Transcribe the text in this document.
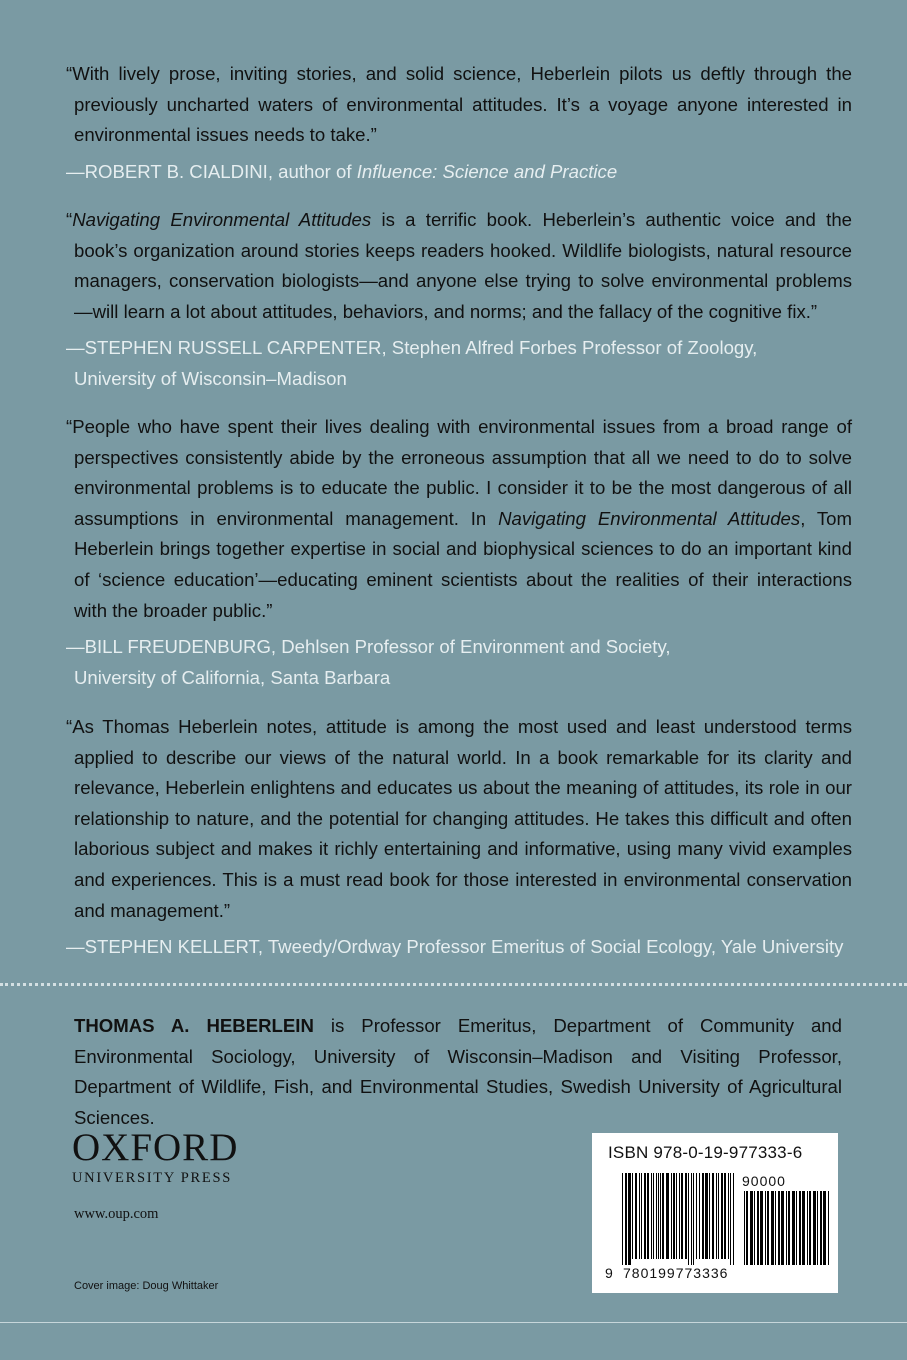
“With lively prose, inviting stories, and solid science, Heberlein pilots us deftly through the previously uncharted waters of environmental attitudes. It’s a voyage anyone interested in environmental issues needs to take.”
—ROBERT B. CIALDINI, author of Influence: Science and Practice
“Navigating Environmental Attitudes is a terrific book. Heberlein’s authentic voice and the book’s organization around stories keeps readers hooked. Wildlife biologists, natural resource managers, conservation biologists—and anyone else trying to solve environmental problems—will learn a lot about attitudes, behaviors, and norms; and the fallacy of the cognitive fix.”
—STEPHEN RUSSELL CARPENTER, Stephen Alfred Forbes Professor of Zoology,
University of Wisconsin–Madison
“People who have spent their lives dealing with environmental issues from a broad range of perspectives consistently abide by the erroneous assumption that all we need to do to solve environmental problems is to educate the public. I consider it to be the most dangerous of all assumptions in environmental management. In Navigating Environmental Attitudes, Tom Heberlein brings together expertise in social and biophysical sciences to do an important kind of ‘science education’—educating eminent scientists about the realities of their interactions with the broader public.”
—BILL FREUDENBURG, Dehlsen Professor of Environment and Society,
University of California, Santa Barbara
“As Thomas Heberlein notes, attitude is among the most used and least understood terms applied to describe our views of the natural world. In a book remarkable for its clarity and relevance, Heberlein enlightens and educates us about the meaning of attitudes, its role in our relationship to nature, and the potential for changing attitudes. He takes this difficult and often laborious subject and makes it richly entertaining and informative, using many vivid examples and experiences. This is a must read book for those interested in environmental conservation and management.”
—STEPHEN KELLERT, Tweedy/Ordway Professor Emeritus of Social Ecology, Yale University
THOMAS A. HEBERLEIN is Professor Emeritus, Department of Community and Environmental Sociology, University of Wisconsin–Madison and Visiting Professor, Department of Wildlife, Fish, and Environmental Studies, Swedish University of Agricultural Sciences.
OXFORD
UNIVERSITY PRESS
www.oup.com
Cover image: Doug Whittaker
ISBN 978-0-19-977333-6
90000
9 780199773336
